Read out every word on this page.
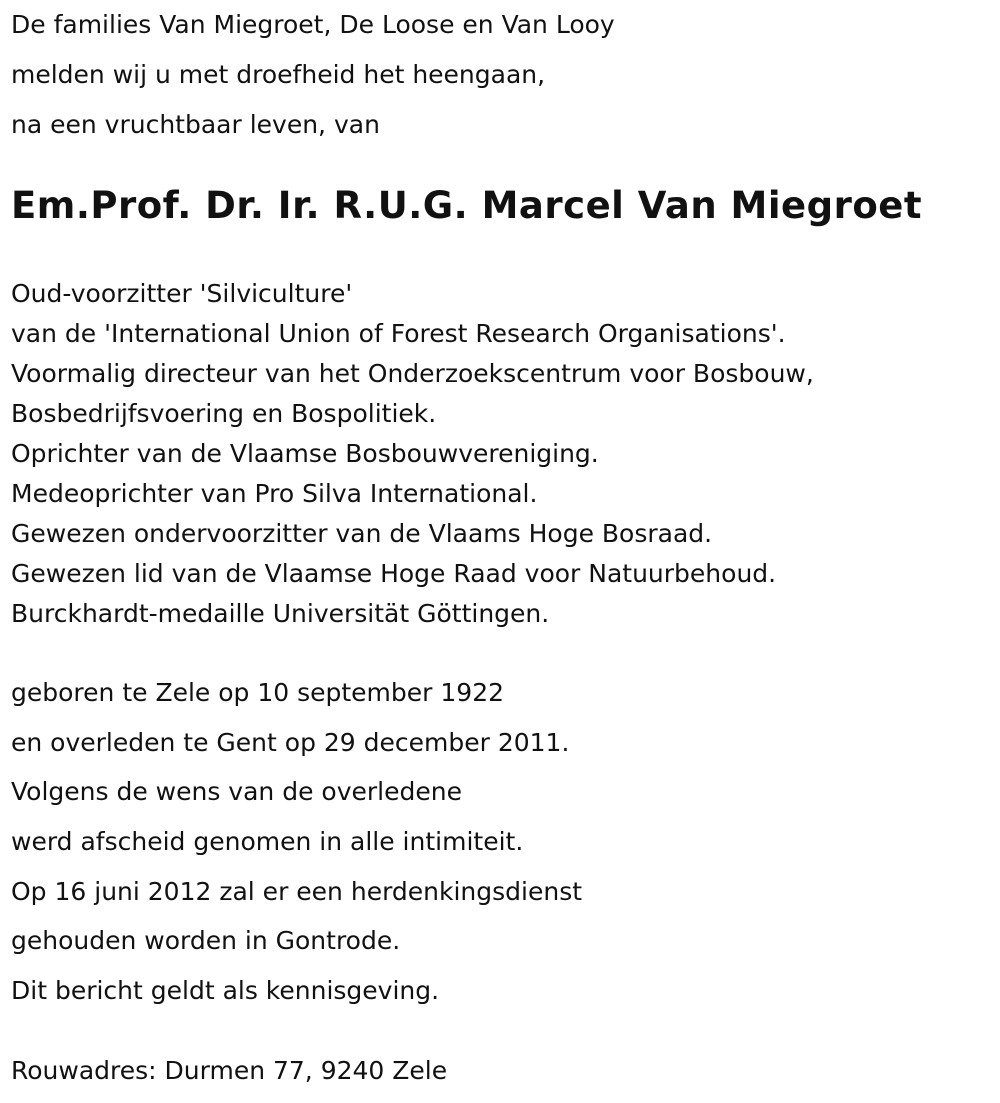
De families Van Miegroet, De Loose en Van Looy

melden wij u met droefheid het heengaan,

na een vruchtbaar leven, van

Em.Prof. Dr. Ir. R.U.G. Marcel Van Miegroet

Oud-voorzitter 'Silviculture'

van de 'International Union of Forest Research Organisations'.

Voormalig directeur van het Onderzoekscentrum voor Bosbouw,

Bosbedrijfsvoering en Bospolitiek.

Oprichter van de Vlaamse Bosbouwvereniging.

Medeoprichter van Pro Silva International.

Gewezen ondervoorzitter van de Vlaams Hoge Bosraad.

Gewezen lid van de Vlaamse Hoge Raad voor Natuurbehoud.

Burckhardt-medaille Universität Göttingen.

geboren te Zele op 10 september 1922

en overleden te Gent op 29 december 2011.

Volgens de wens van de overledene

werd afscheid genomen in alle intimiteit.

Op 16 juni 2012 zal er een herdenkingsdienst

gehouden worden in Gontrode.

Dit bericht geldt als kennisgeving.

Rouwadres: Durmen 77, 9240 Zele
